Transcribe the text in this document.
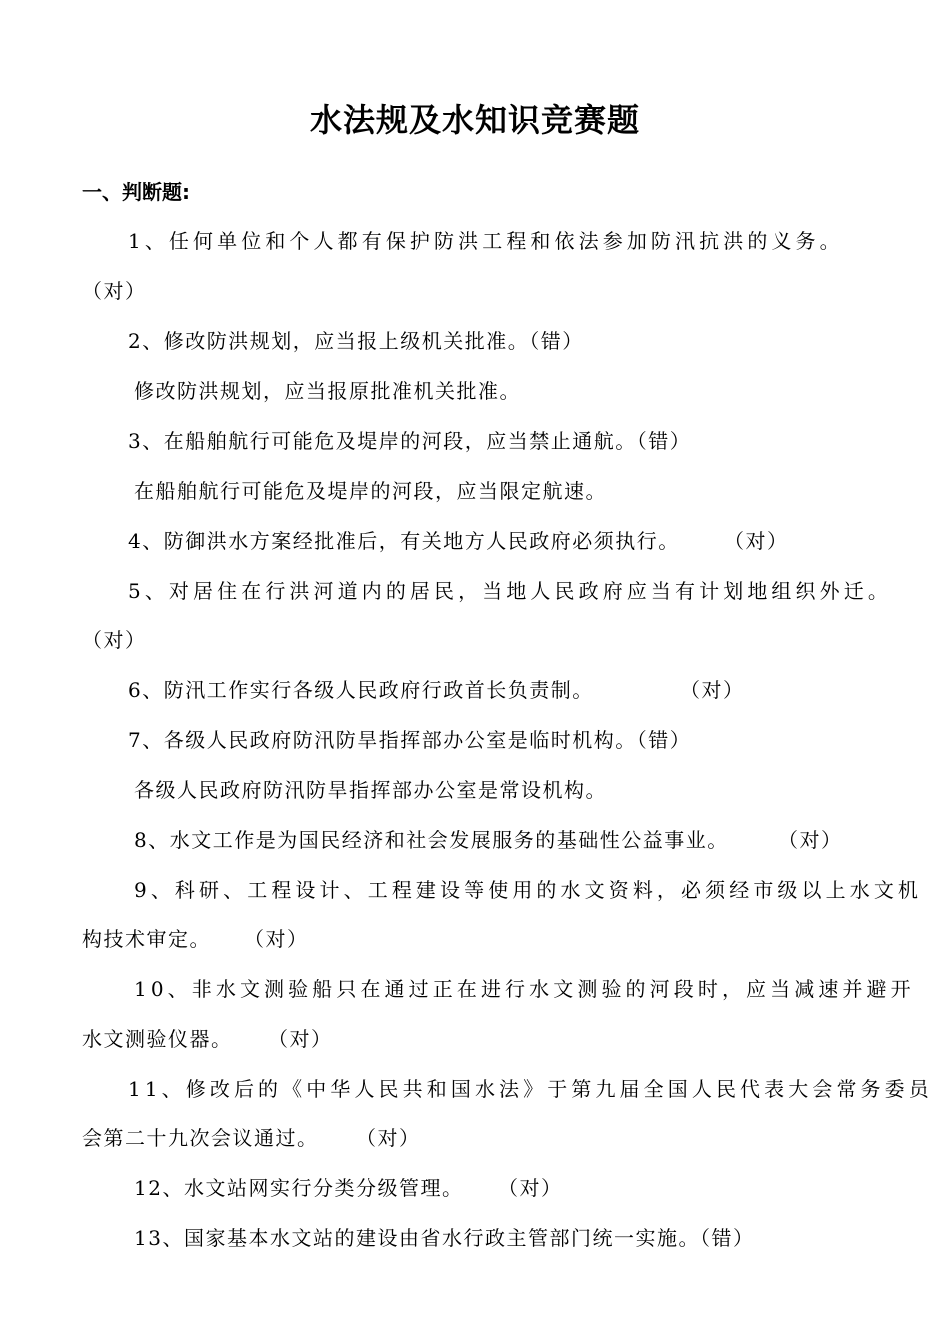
水法规及水知识竞赛题
一、判断题:
1、任何单位和个人都有保护防洪工程和依法参加防汛抗洪的义务。
（对）
2、修改防洪规划，应当报上级机关批准。（错）
修改防洪规划，应当报原批准机关批准。
3、在船舶航行可能危及堤岸的河段，应当禁止通航。（错）
在船舶航行可能危及堤岸的河段，应当限定航速。
4、防御洪水方案经批准后，有关地方人民政府必须执行。 （对）
5、对居住在行洪河道内的居民，当地人民政府应当有计划地组织外迁。
（对）
6、防汛工作实行各级人民政府行政首长负责制。	（对）
7、各级人民政府防汛防旱指挥部办公室是临时机构。（错）
各级人民政府防汛防旱指挥部办公室是常设机构。
8、水文工作是为国民经济和社会发展服务的基础性公益事业。 （对）
9、科研、工程设计、工程建设等使用的水文资料，必须经市级以上水文机
构技术审定。 （对）
10、非水文测验船只在通过正在进行水文测验的河段时，应当减速并避开
水文测验仪器。 （对）
11、修改后的《中华人民共和国水法》于第九届全国人民代表大会常务委员
会第二十九次会议通过。 （对）
12、水文站网实行分类分级管理。 （对）
13、国家基本水文站的建设由省水行政主管部门统一实施。（错）
